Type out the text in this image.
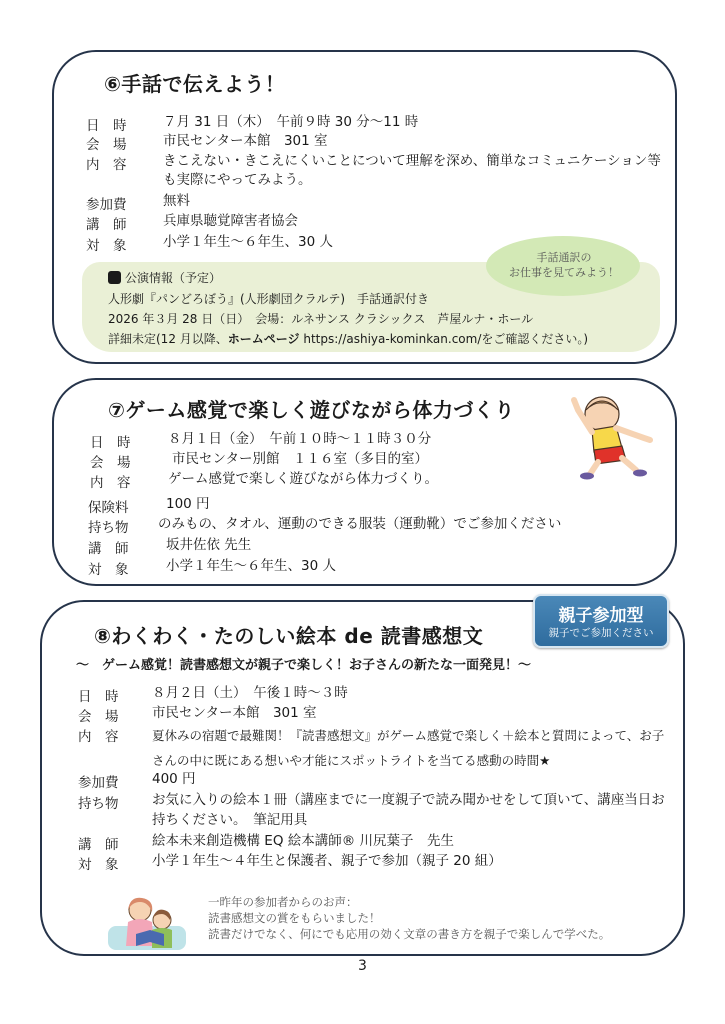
⑥手話で伝えよう！
日　時	７月 31 日（木）　午前９時 30 分〜11 時
会　場	市民センター本館　301 室
内　容	きこえない・きこえにくいことについて理解を深め、簡単なコミュニケーション等も実際にやってみよう。
参加費	無料
講　師	兵庫県聴覚障害者協会
対　象	小学１年生〜６年生、30 人
手話通訳の
お仕事を見てみよう！
公演情報（予定）
人形劇『パンどろぼう』(人形劇団クラルテ)　手話通訳付き
2026 年３月 28 日（日）　会場：ルネサンス クラシックス　芦屋ルナ・ホール
詳細未定(12 月以降、ホームページ https://ashiya-kominkan.com/をご確認ください。)
⑦ゲーム感覚で楽しく遊びながら体力づくり
日　時	８月１日（金）　午前１０時〜１１時３０分
会　場	市民センター別館　１１６室（多目的室）
内　容	ゲーム感覚で楽しく遊びながら体力づくり。
保険料	100 円
持ち物 のみもの、タオル、運動のできる服装（運動靴）でご参加ください
講　師	坂井佐依 先生
対　象	小学１年生〜６年生、30 人
⑧わくわく・たのしい絵本 de 読書感想文
親子参加型
親子でご参加ください
〜　ゲーム感覚！読書感想文が親子で楽しく！お子さんの新たな一面発見！〜
日　時 ８月２日（土）　午後１時〜３時
会　場 市民センター本館　301 室
内　容	夏休みの宿題で最難関！『読書感想文』がゲーム感覚で楽しく＋絵本と質問によって、お子さんの中に既にある想いや才能にスポットライトを当てる感動の時間★
参加費 400 円
持ち物 お気に入りの絵本１冊（講座までに一度親子で読み聞かせをして頂いて、講座当日お持ちください。　筆記用具
講　師 絵本未来創造機構 EQ 絵本講師® 川尻葉子　先生
対　象 小学１年生〜４年生と保護者、親子で参加（親子 20 組）
一昨年の参加者からのお声：
読書感想文の賞をもらいました！
読書だけでなく、何にでも応用の効く文章の書き方を親子で楽しんで学べた。
3
